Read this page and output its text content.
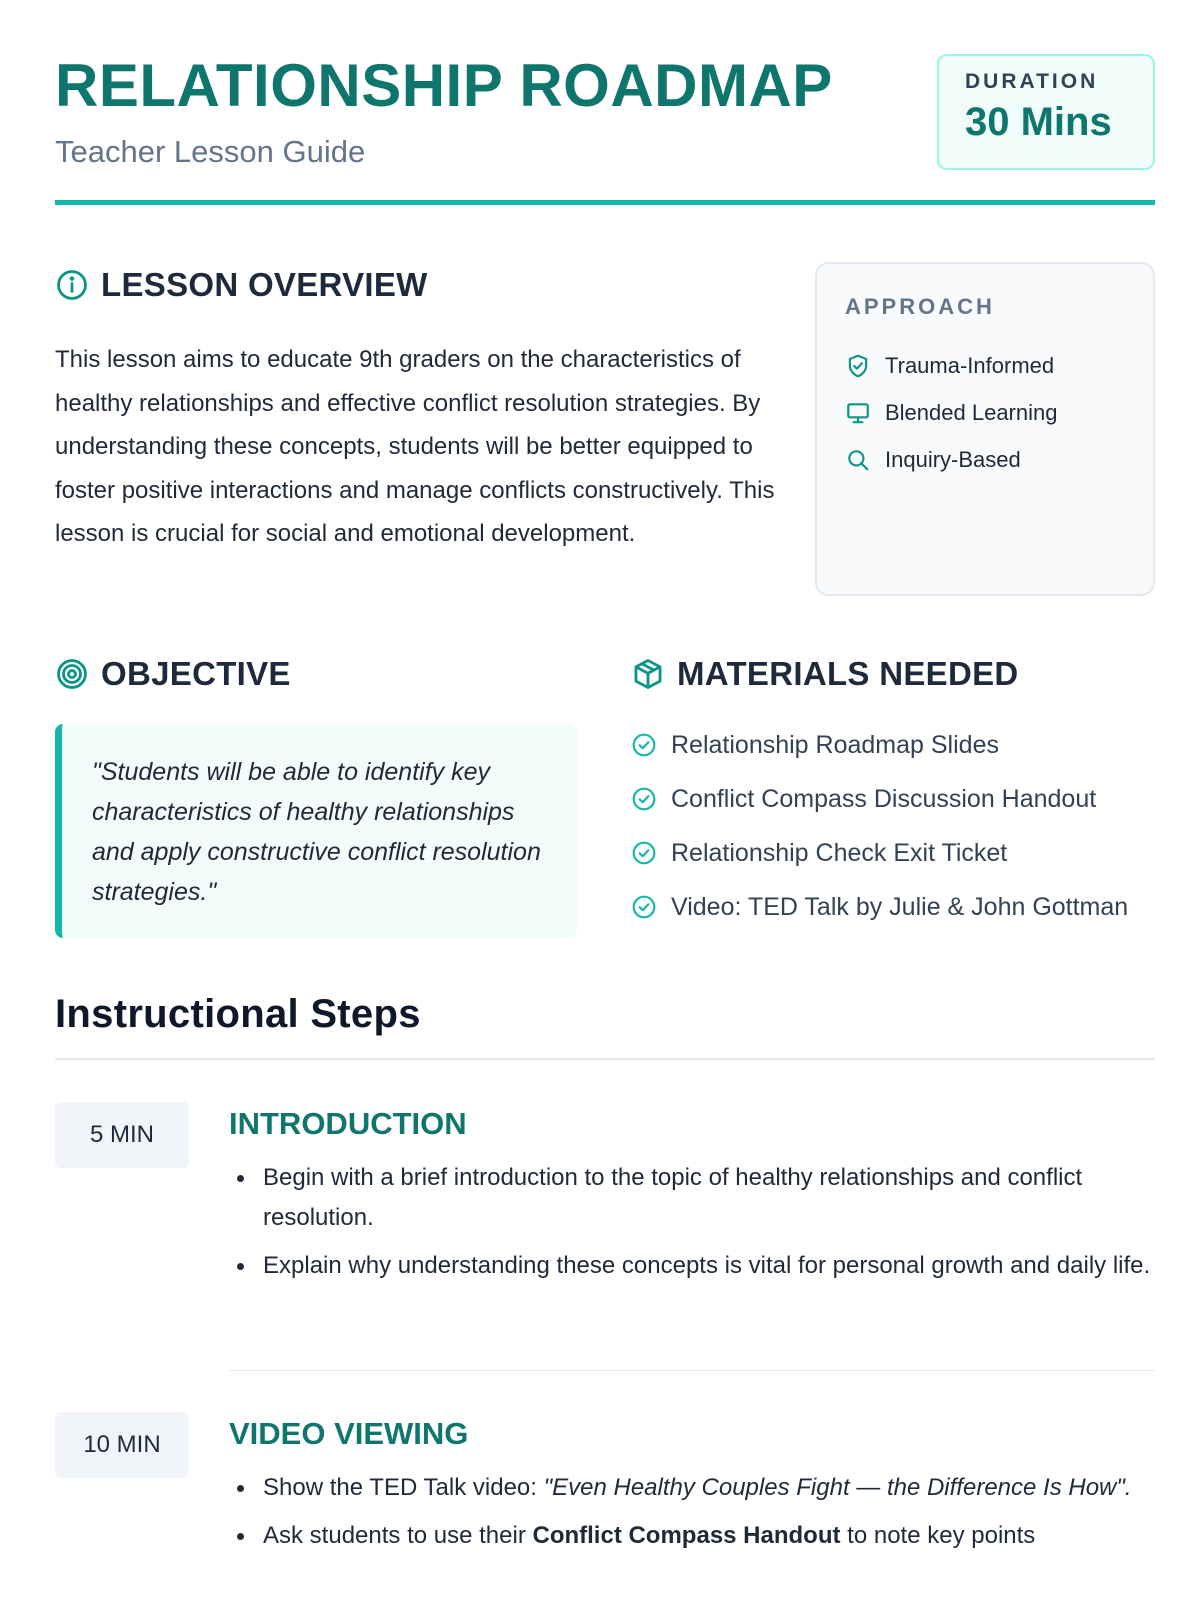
RELATIONSHIP ROADMAP
Teacher Lesson Guide
DURATION
30 Mins
LESSON OVERVIEW

This lesson aims to educate 9th graders on the characteristics of healthy relationships and effective conflict resolution strategies. By understanding these concepts, students will be better equipped to foster positive interactions and manage conflicts constructively. This lesson is crucial for social and emotional development.

APPROACH
Trauma-Informed
Blended Learning
Inquiry-Based
OBJECTIVE

"Students will be able to identify key characteristics of healthy relationships and apply constructive conflict resolution strategies."

MATERIALS NEEDED
Relationship Roadmap Slides
Conflict Compass Discussion Handout
Relationship Check Exit Ticket
Video: TED Talk by Julie & John Gottman
Instructional Steps
5 MIN	INTRODUCTION
Begin with a brief introduction to the topic of healthy relationships and conflict resolution.
Explain why understanding these concepts is vital for personal growth and daily life.
10 MIN	VIDEO VIEWING
Show the TED Talk video: "Even Healthy Couples Fight — the Difference Is How".
Ask students to use their Conflict Compass Handout to note key points
